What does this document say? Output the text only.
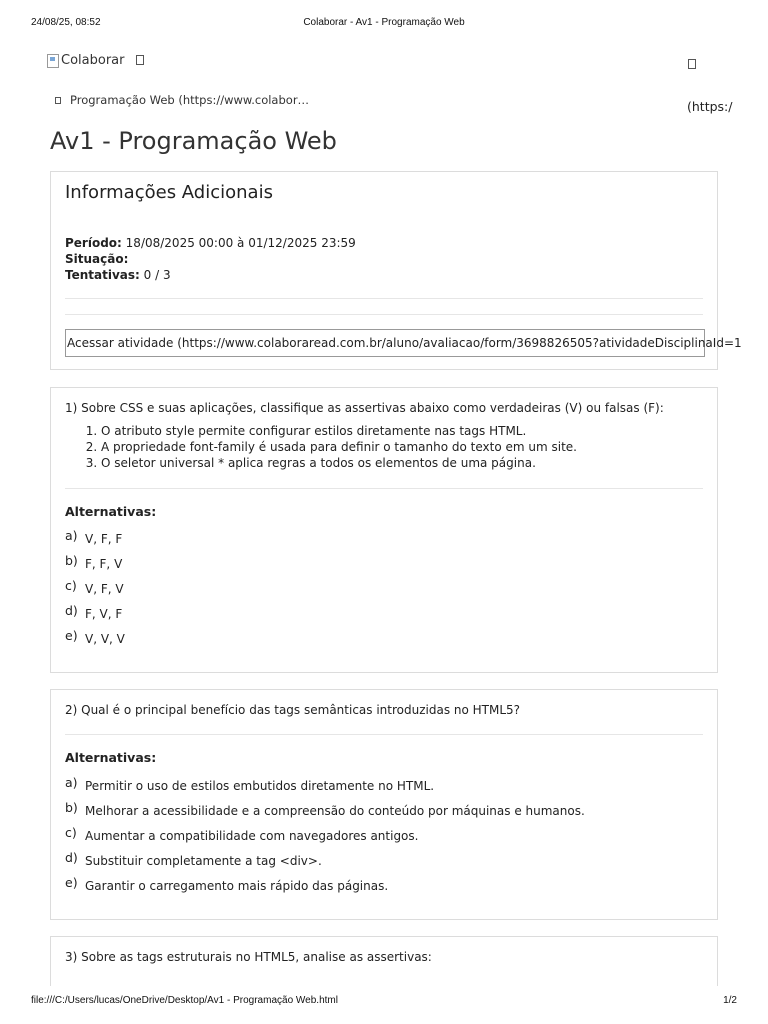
24/08/25, 08:52	Colaborar - Av1 - Programação Web
Colaborar
Programação Web (https://www.colabor…	(https:/
Av1 - Programação Web
Informações Adicionais
Período: 18/08/2025 00:00 à 01/12/2025 23:59
Situação:
Tentativas: 0 / 3
Acessar atividade (https://www.colaboraread.com.br/aluno/avaliacao/form/3698826505?atividadeDisciplinaId=1
1) Sobre CSS e suas aplicações, classifique as assertivas abaixo como verdadeiras (V) ou falsas (F):
1. O atributo style permite configurar estilos diretamente nas tags HTML.
2. A propriedade font-family é usada para definir o tamanho do texto em um site.
3. O seletor universal * aplica regras a todos os elementos de uma página.
Alternativas:
a) V, F, F
b) F, F, V
c) V, F, V
d) F, V, F
e) V, V, V
2) Qual é o principal benefício das tags semânticas introduzidas no HTML5?
Alternativas:
a) Permitir o uso de estilos embutidos diretamente no HTML.
b) Melhorar a acessibilidade e a compreensão do conteúdo por máquinas e humanos.
c) Aumentar a compatibilidade com navegadores antigos.
d) Substituir completamente a tag <div>.
e) Garantir o carregamento mais rápido das páginas.
3) Sobre as tags estruturais no HTML5, analise as assertivas:
file:///C:/Users/lucas/OneDrive/Desktop/Av1 - Programação Web.html	1/2
